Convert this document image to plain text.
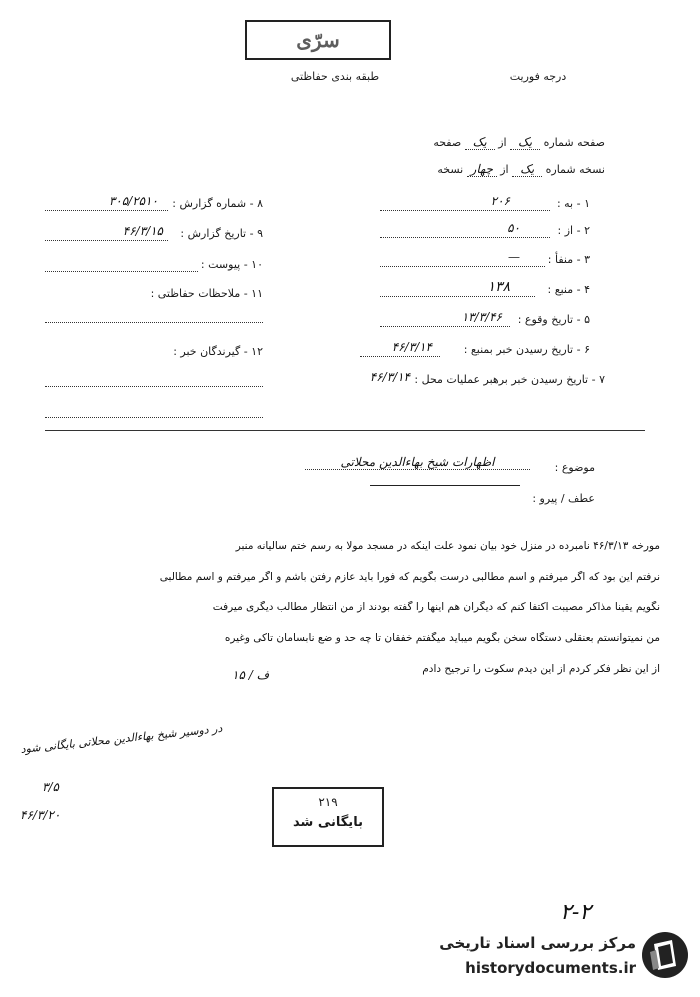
سرّی
طبقه بندی حفاظتی	درجه فوریت
صفحه شماره یک از یک صفحه
نسخه شماره یک از چهار نسخه
۱ - به :
۲۰۶
۲ - از :
۵۰
۳ - منفأ :
—
۴ - منبع :
۱۳۸
۵ - تاریخ وقوع :
۱۳/۳/۴۶
۶ - تاریخ رسیدن خبر بمنبع :
۴۶/۳/۱۴
۷ - تاریخ رسیدن خبر برهبر عملیات محل :
۴۶/۳/۱۴
۸ - شماره گزارش :
۳۰۵/۲۵۱۰
۹ - تاریخ گزارش :
۴۶/۳/۱۵
۱۰ - پیوست :
۱۱ - ملاحظات حفاظتی :
۱۲ - گیرندگان خبر :
موضوع :
اظهارات شیخ بهاءالدین محلاتی
عطف / پیرو :
مورخه ۴۶/۳/۱۳ نامبرده در منزل خود بیان نمود علت اینکه در مسجد مولا به رسم ختم سالیانه منبر
نرفتم این بود که اگر میرفتم و اسم مطالبی درست بگویم که فورا باید عازم رفتن باشم و اگر میرفتم و اسم مطالبی
نگویم یقینا مذاکر مصیبت اکتفا کنم که دیگران هم اینها را گفته بودند از من انتظار مطالب دیگری میرفت
من نمیتوانستم بعنقلی دستگاه سخن بگویم میباید میگفتم خفقان تا چه حد و ضع نابسامان تاکی وغیره
از این نظر فکر کردم از این دیدم سکوت را ترجیح دادم
ف / ۱۵
در دوسیر شیخ بهاءالدین محلاتی بایگانی شود
۳/۵
۴۶/۳/۲۰
۲۱۹
بایگانی شد
۲-۲
مرکز بررسی اسناد تاریخی
historydocuments.ir
